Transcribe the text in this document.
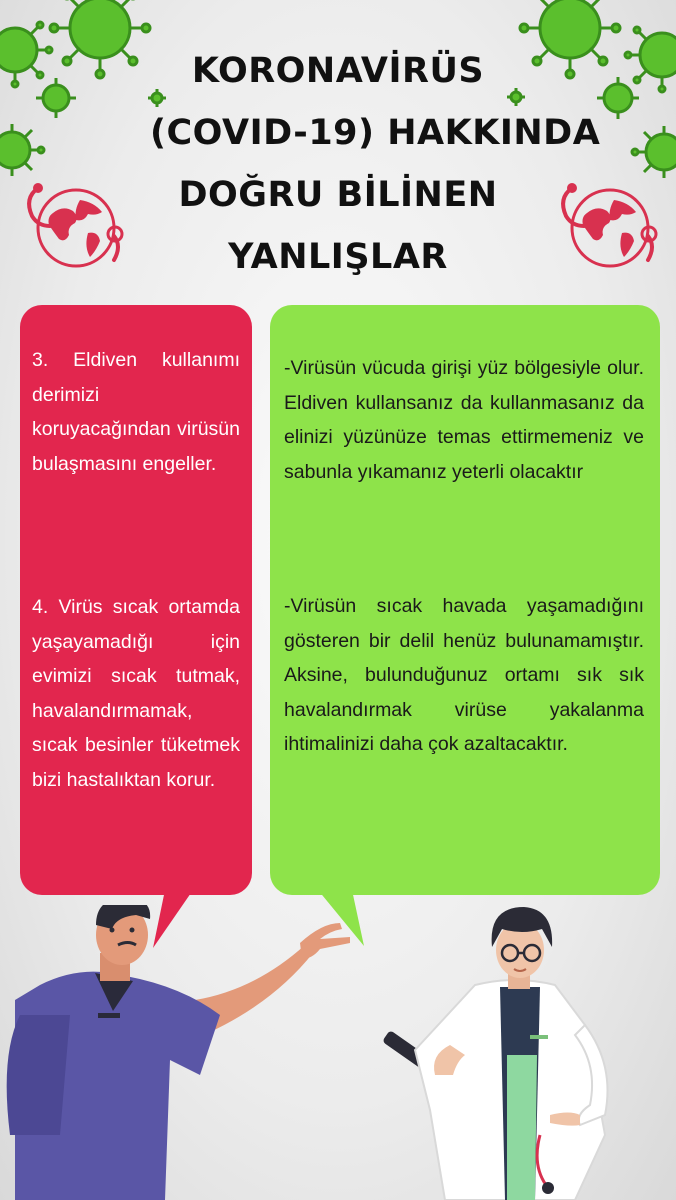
KORONAVİRÜS
(COVID-19) HAKKINDA
DOĞRU BİLİNEN
YANLIŞLAR
3. Eldiven kullanımı derimizi koruyacağından virüsün bulaşmasını engeller.
4. Virüs sıcak ortamda yaşayamadığı için evimizi sıcak tutmak, havalandırmamak, sıcak besinler tüketmek bizi hastalıktan korur.
-Virüsün vücuda girişi yüz bölgesiyle olur. Eldiven kullansanız da kullanmasanız da elinizi yüzünüze temas ettirmemeniz ve sabunla yıkamanız yeterli olacaktır
-Virüsün sıcak havada yaşamadığını gösteren bir delil henüz bulunamamıştır. Aksine, bulunduğunuz ortamı sık sık havalandırmak virüse yakalanma ihtimalinizi daha çok azaltacaktır.
